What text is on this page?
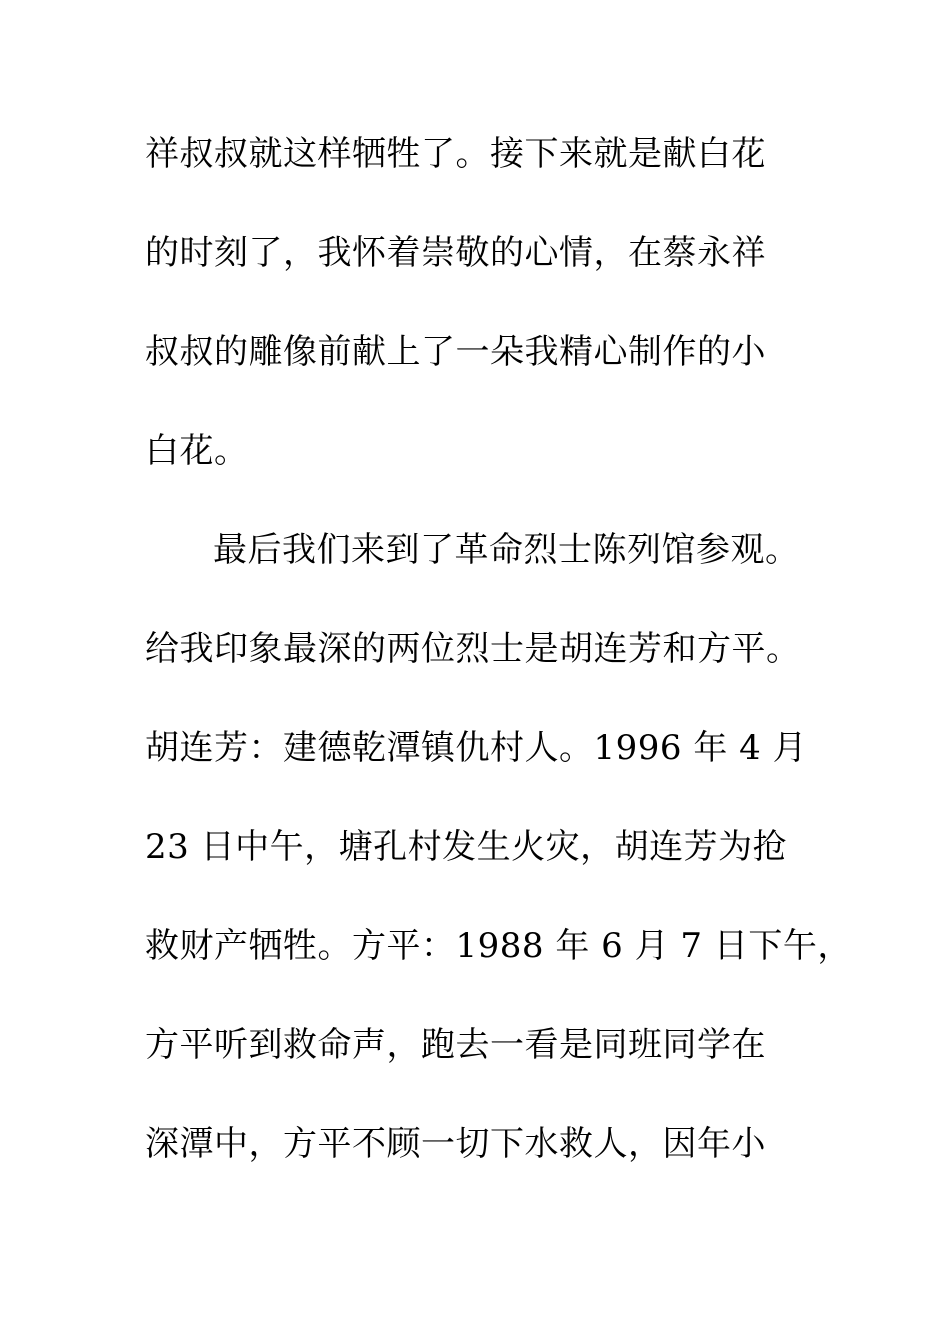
祥叔叔就这样牺牲了。接下来就是献白花
的时刻了，我怀着崇敬的心情，在蔡永祥
叔叔的雕像前献上了一朵我精心制作的小
白花。
最后我们来到了革命烈士陈列馆参观。
给我印象最深的两位烈士是胡连芳和方平。
胡连芳：建德乾潭镇仇村人。1996 年 4 月
23 日中午，塘孔村发生火灾，胡连芳为抢
救财产牺牲。方平：1988 年 6 月 7 日下午，
方平听到救命声，跑去一看是同班同学在
深潭中，方平不顾一切下水救人，因年小
